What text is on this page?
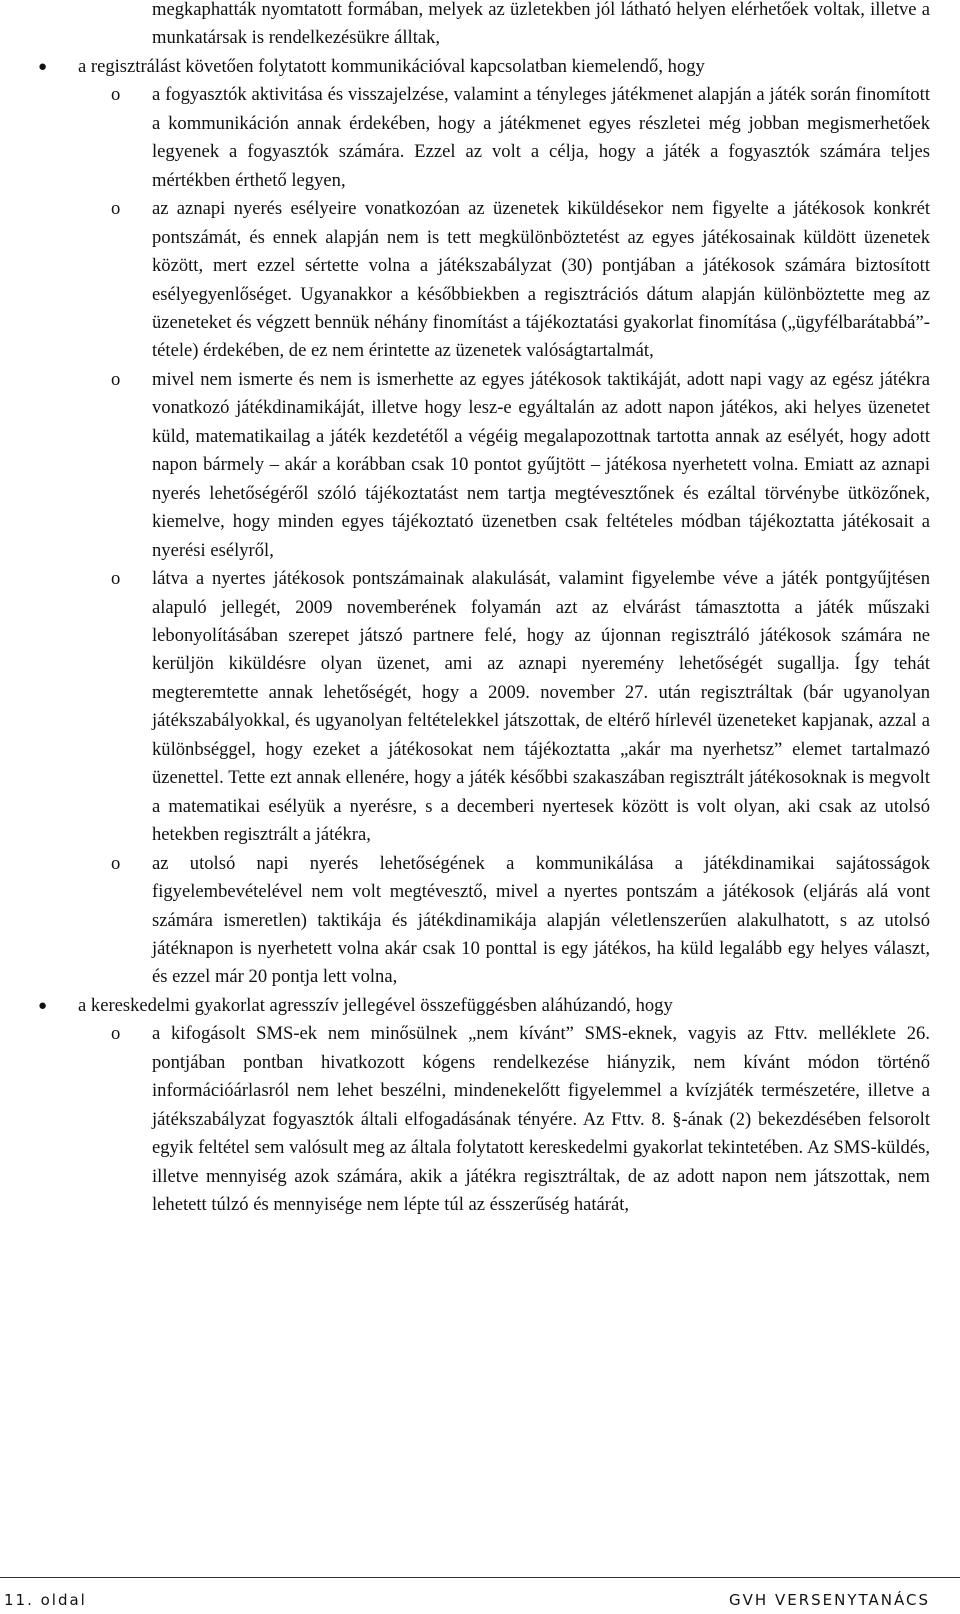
megkaphatták nyomtatott formában, melyek az üzletekben jól látható helyen elérhetőek voltak, illetve a munkatársak is rendelkezésükre álltak,

● a regisztrálást követően folytatott kommunikációval kapcsolatban kiemelendő, hogy

o a fogyasztók aktivitása és visszajelzése, valamint a tényleges játékmenet alapján a játék során finomított a kommunikáción annak érdekében, hogy a játékmenet egyes részletei még jobban megismerhetőek legyenek a fogyasztók számára. Ezzel az volt a célja, hogy a játék a fogyasztók számára teljes mértékben érthető legyen,

o az aznapi nyerés esélyeire vonatkozóan az üzenetek kiküldésekor nem figyelte a játékosok konkrét pontszámát, és ennek alapján nem is tett megkülönböztetést az egyes játékosainak küldött üzenetek között, mert ezzel sértette volna a játékszabályzat (30) pontjában a játékosok számára biztosított esélyegyenlőséget. Ugyanakkor a későbbiekben a regisztrációs dátum alapján különböztette meg az üzeneteket és végzett bennük néhány finomítást a tájékoztatási gyakorlat finomítása („ügyfélbarátabbá”-tétele) érdekében, de ez nem érintette az üzenetek valóságtartalmát,

o mivel nem ismerte és nem is ismerhette az egyes játékosok taktikáját, adott napi vagy az egész játékra vonatkozó játékdinamikáját, illetve hogy lesz-e egyáltalán az adott napon játékos, aki helyes üzenetet küld, matematikailag a játék kezdetétől a végéig megalapozottnak tartotta annak az esélyét, hogy adott napon bármely – akár a korábban csak 10 pontot gyűjtött – játékosa nyerhetett volna. Emiatt az aznapi nyerés lehetőségéről szóló tájékoztatást nem tartja megtévesztőnek és ezáltal törvénybe ütközőnek, kiemelve, hogy minden egyes tájékoztató üzenetben csak feltételes módban tájékoztatta játékosait a nyerési esélyről,

o látva a nyertes játékosok pontszámainak alakulását, valamint figyelembe véve a játék pontgyűjtésen alapuló jellegét, 2009 novemberének folyamán azt az elvárást támasztotta a játék műszaki lebonyolításában szerepet játszó partnere felé, hogy az újonnan regisztráló játékosok számára ne kerüljön kiküldésre olyan üzenet, ami az aznapi nyeremény lehetőségét sugallja. Így tehát megteremtette annak lehetőségét, hogy a 2009. november 27. után regisztráltak (bár ugyanolyan játékszabályokkal, és ugyanolyan feltételekkel játszottak, de eltérő hírlevél üzeneteket kapjanak, azzal a különbséggel, hogy ezeket a játékosokat nem tájékoztatta „akár ma nyerhetsz” elemet tartalmazó üzenettel. Tette ezt annak ellenére, hogy a játék későbbi szakaszában regisztrált játékosoknak is megvolt a matematikai esélyük a nyerésre, s a decemberi nyertesek között is volt olyan, aki csak az utolsó hetekben regisztrált a játékra,

o az utolsó napi nyerés lehetőségének a kommunikálása a játékdinamikai sajátosságok figyelembevételével nem volt megtévesztő, mivel a nyertes pontszám a játékosok (eljárás alá vont számára ismeretlen) taktikája és játékdinamikája alapján véletlenszerűen alakulhatott, s az utolsó játéknapon is nyerhetett volna akár csak 10 ponttal is egy játékos, ha küld legalább egy helyes választ, és ezzel már 20 pontja lett volna,

● a kereskedelmi gyakorlat agresszív jellegével összefüggésben aláhúzandó, hogy

o a kifogásolt SMS-ek nem minősülnek „nem kívánt” SMS-eknek, vagyis az Fttv. melléklete 26. pontjában pontban hivatkozott kógens rendelkezése hiányzik, nem kívánt módon történő információárlasról nem lehet beszélni, mindenekelőtt figyelemmel a kvízjáték természetére, illetve a játékszabályzat fogyasztók általi elfogadásának tényére. Az Fttv. 8. §-ának (2) bekezdésében felsorolt egyik feltétel sem valósult meg az általa folytatott kereskedelmi gyakorlat tekintetében. Az SMS-küldés, illetve mennyiség azok számára, akik a játékra regisztráltak, de az adott napon nem játszottak, nem lehetett túlzó és mennyisége nem lépte túl az ésszerűség határát,

11. oldal	GVH VERSENYTANÁCS
